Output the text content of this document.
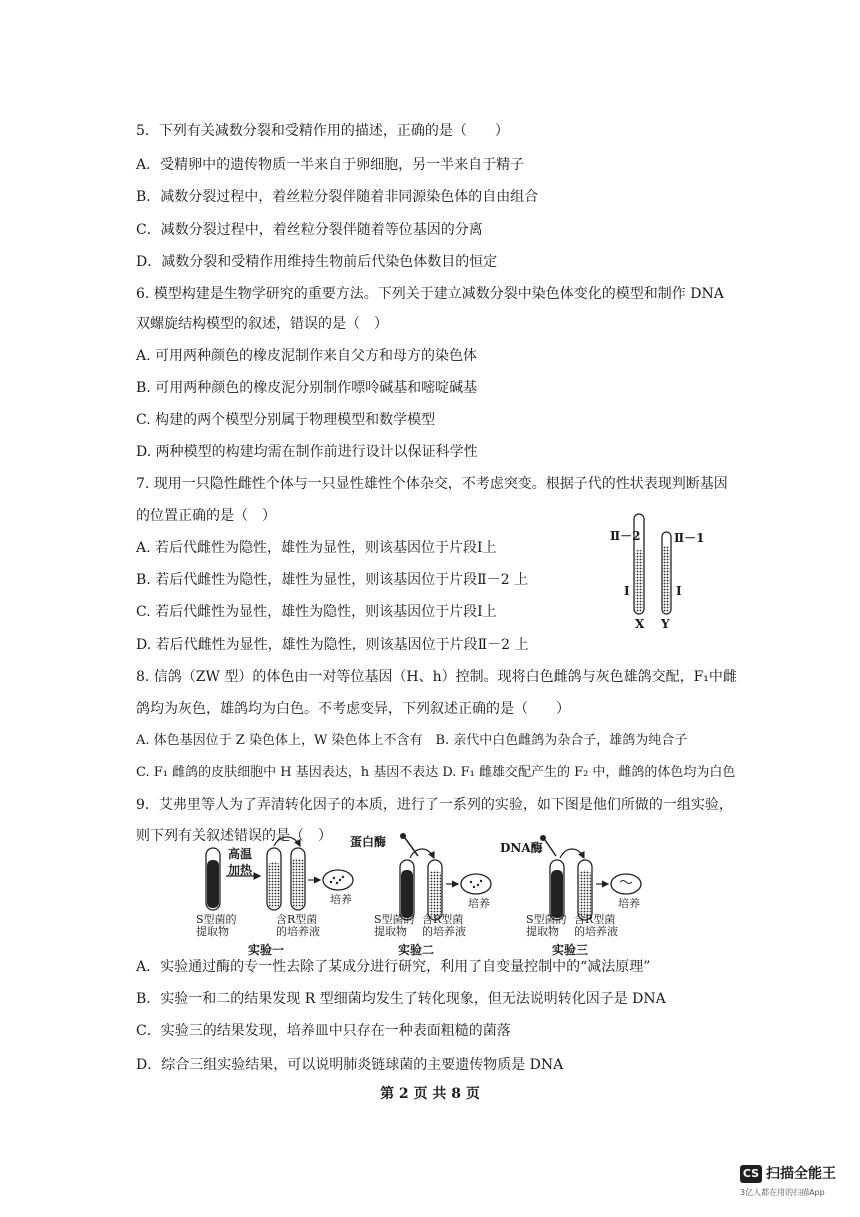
5．下列有关减数分裂和受精作用的描述，正确的是（　　）
A．受精卵中的遗传物质一半来自于卵细胞，另一半来自于精子
B．减数分裂过程中，着丝粒分裂伴随着非同源染色体的自由组合
C．减数分裂过程中，着丝粒分裂伴随着等位基因的分离
D．减数分裂和受精作用维持生物前后代染色体数目的恒定
6. 模型构建是生物学研究的重要方法。下列关于建立减数分裂中染色体变化的模型和制作 DNA
双螺旋结构模型的叙述，错误的是（　）
A. 可用两种颜色的橡皮泥制作来自父方和母方的染色体
B. 可用两种颜色的橡皮泥分别制作嘌呤碱基和嘧啶碱基
C. 构建的两个模型分别属于物理模型和数学模型
D. 两种模型的构建均需在制作前进行设计以保证科学性
7. 现用一只隐性雌性个体与一只显性雄性个体杂交，不考虑突变。根据子代的性状表现判断基因
的位置正确的是（　）
A. 若后代雌性为隐性，雄性为显性，则该基因位于片段Ⅰ上
B. 若后代雌性为隐性，雄性为显性，则该基因位于片段Ⅱ－2 上
C. 若后代雌性为显性，雄性为隐性，则该基因位于片段Ⅰ上
D. 若后代雌性为显性，雄性为隐性，则该基因位于片段Ⅱ－2 上
Ⅱ－2	Ⅱ－1
Ⅰ	Ⅰ
X Y
8. 信鸽（ZW 型）的体色由一对等位基因（H、h）控制。现将白色雌鸽与灰色雄鸽交配，F₁中雌
鸽均为灰色，雄鸽均为白色。不考虑变异，下列叙述正确的是（　　）
A. 体色基因位于 Z 染色体上，W 染色体上不含有　B. 亲代中白色雌鸽为杂合子，雄鸽为纯合子
C. F₁ 雌鸽的皮肤细胞中 H 基因表达，h 基因不表达 D. F₁ 雌雄交配产生的 F₂ 中，雌鸽的体色均为白色
9．艾弗里等人为了弄清转化因子的本质，进行了一系列的实验，如下图是他们所做的一组实验，
则下列有关叙述错误的是（　）
高温
加热
培养
S型菌的
提取物
含R型菌
的培养液
实验一
蛋白酶
培养
S型菌的
提取物
含R型菌
的培养液
实验二
DNA酶
培养
S型菌的
提取物
含R型菌
的培养液
实验三
A．实验通过酶的专一性去除了某成分进行研究，利用了自变量控制中的“减法原理”
B．实验一和二的结果发现 R 型细菌均发生了转化现象，但无法说明转化因子是 DNA
C．实验三的结果发现，培养皿中只存在一种表面粗糙的菌落
D．综合三组实验结果，可以说明肺炎链球菌的主要遗传物质是 DNA
第 2 页 共 8 页
CS 扫描全能王
3亿人都在用的扫描App
